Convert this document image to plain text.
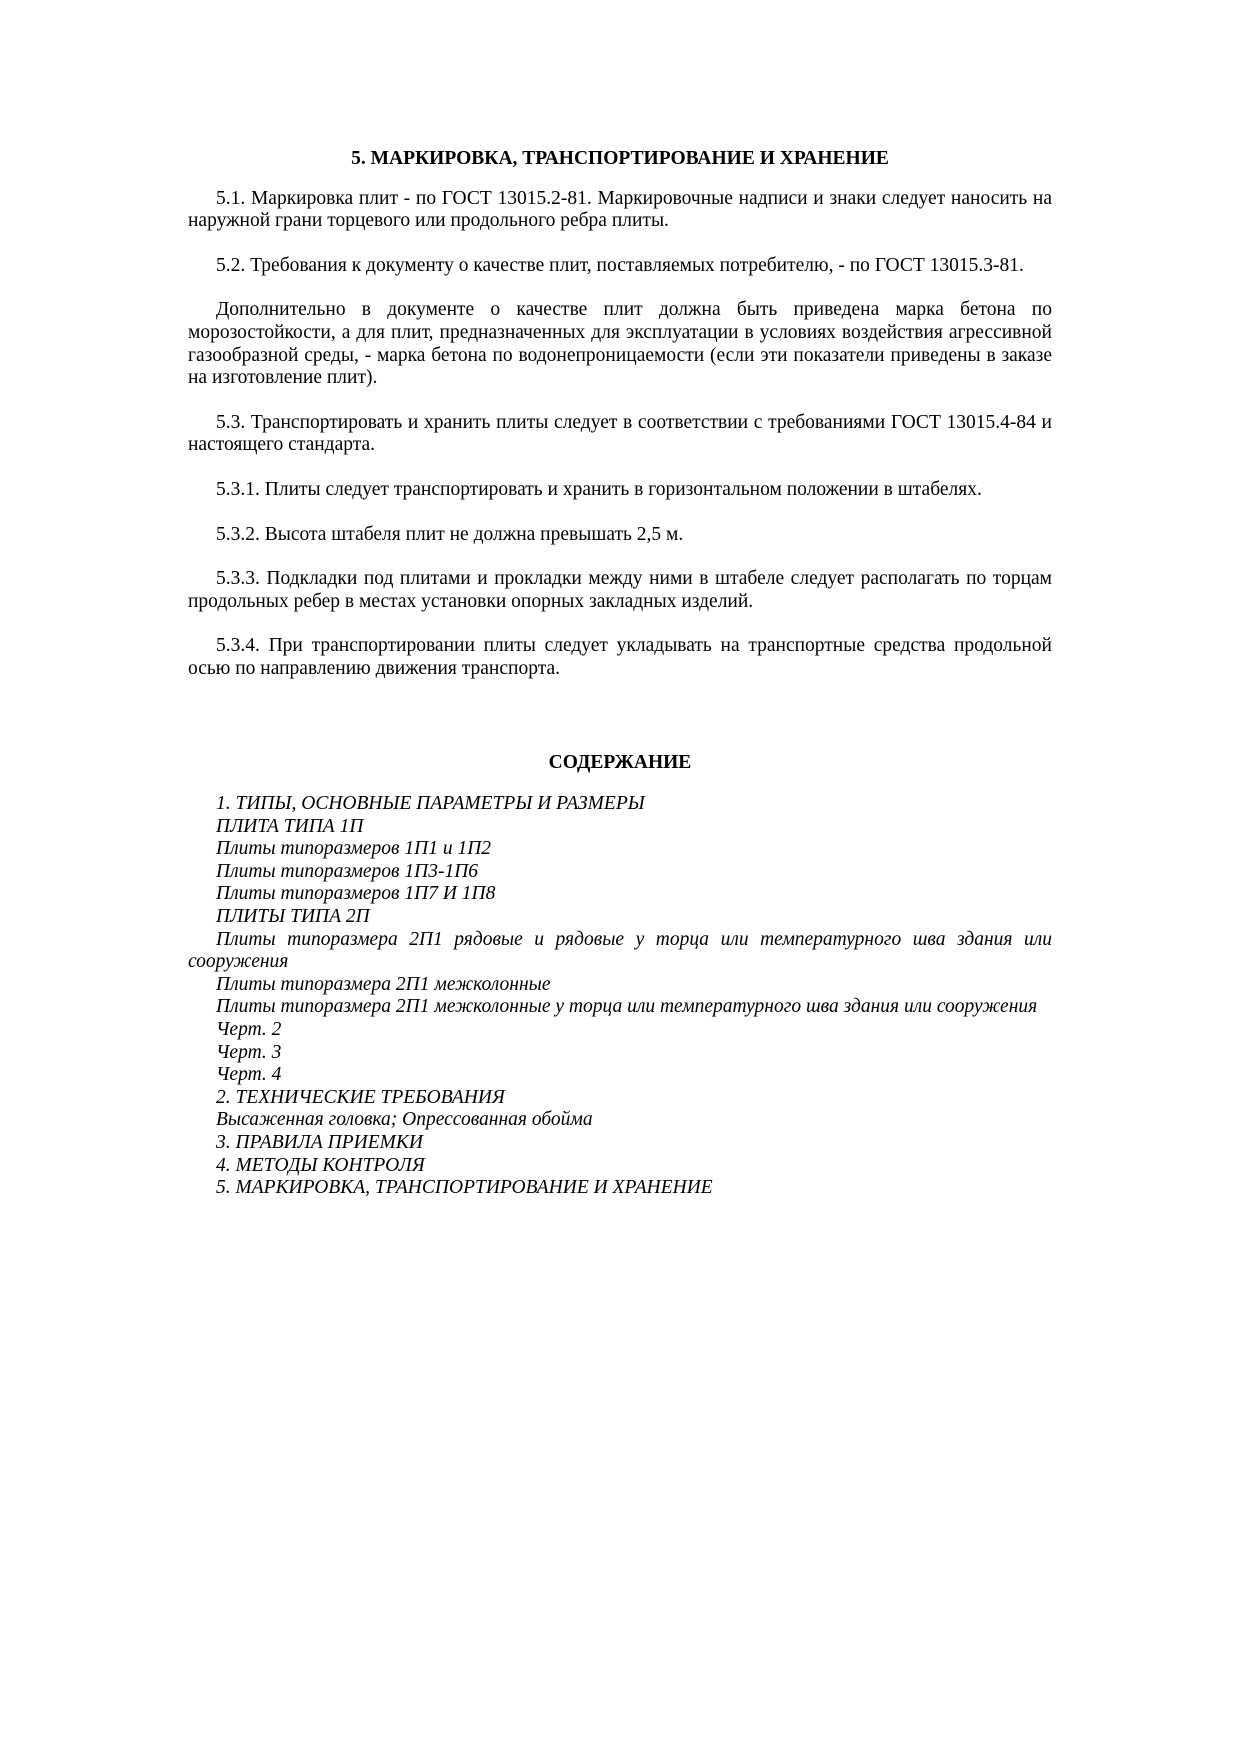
5. МАРКИРОВКА, ТРАНСПОРТИРОВАНИЕ И ХРАНЕНИЕ

5.1. Маркировка плит - по ГОСТ 13015.2-81. Маркировочные надписи и знаки следует наносить на наружной грани торцевого или продольного ребра плиты.

5.2. Требования к документу о качестве плит, поставляемых потребителю, - по ГОСТ 13015.3-81.

Дополнительно в документе о качестве плит должна быть приведена марка бетона по морозостойкости, а для плит, предназначенных для эксплуатации в условиях воздействия агрессивной газообразной среды, - марка бетона по водонепроницаемости (если эти показатели приведены в заказе на изготовление плит).

5.3. Транспортировать и хранить плиты следует в соответствии с требованиями ГОСТ 13015.4-84 и настоящего стандарта.

5.3.1. Плиты следует транспортировать и хранить в горизонтальном положении в штабелях.

5.3.2. Высота штабеля плит не должна превышать 2,5 м.

5.3.3. Подкладки под плитами и прокладки между ними в штабеле следует располагать по торцам продольных ребер в местах установки опорных закладных изделий.

5.3.4. При транспортировании плиты следует укладывать на транспортные средства продольной осью по направлению движения транспорта.

СОДЕРЖАНИЕ
1. ТИПЫ, ОСНОВНЫЕ ПАРАМЕТРЫ И РАЗМЕРЫ
ПЛИТА ТИПА 1П
Плиты типоразмеров 1П1 и 1П2
Плиты типоразмеров 1П3-1П6
Плиты типоразмеров 1П7 И 1П8
ПЛИТЫ ТИПА 2П
Плиты типоразмера 2П1 рядовые и рядовые у торца или температурного шва здания или сооружения
Плиты типоразмера 2П1 межколонные
Плиты типоразмера 2П1 межколонные у торца или температурного шва здания или сооружения
Черт. 2
Черт. 3
Черт. 4
2. ТЕХНИЧЕСКИЕ ТРЕБОВАНИЯ
Высаженная головка; Опрессованная обойма
3. ПРАВИЛА ПРИЕМКИ
4. МЕТОДЫ КОНТРОЛЯ
5. МАРКИРОВКА, ТРАНСПОРТИРОВАНИЕ И ХРАНЕНИЕ
